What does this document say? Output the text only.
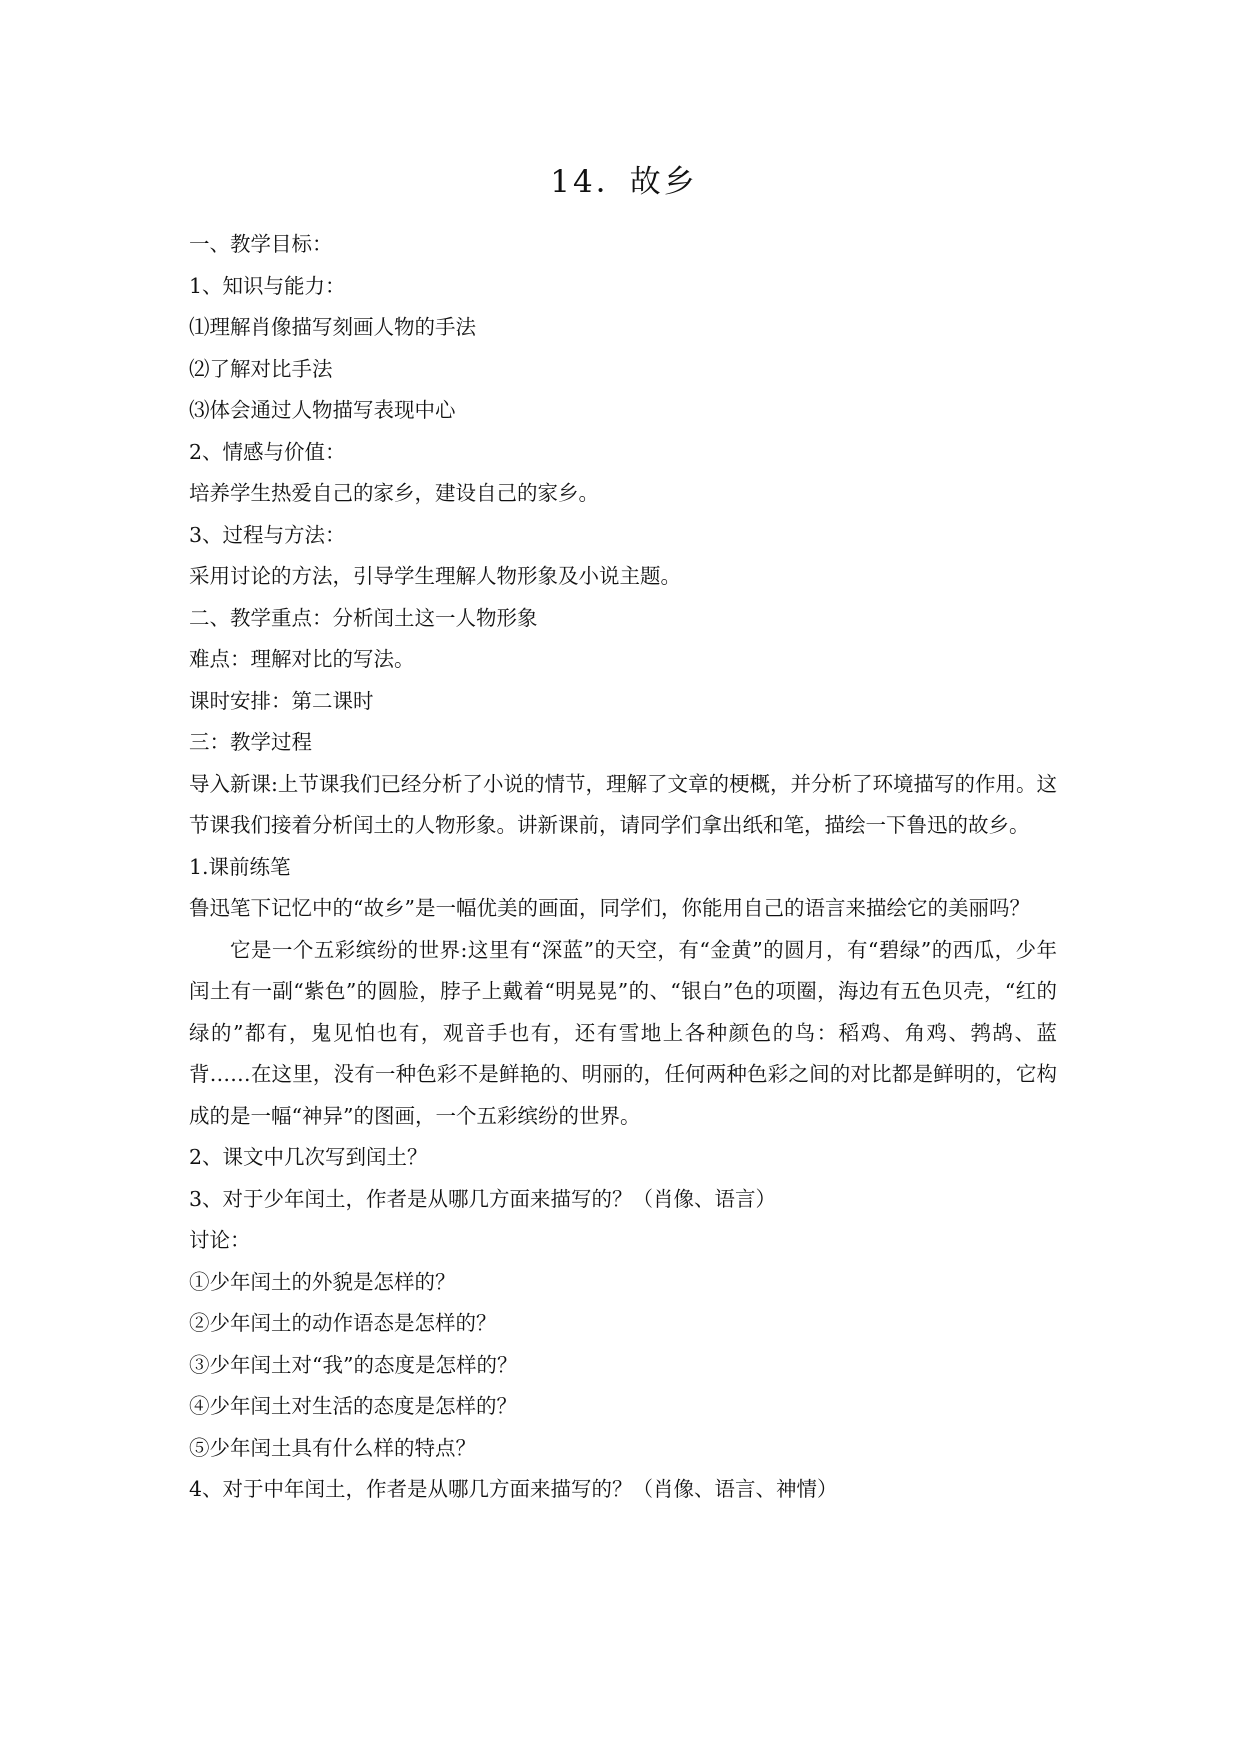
14．故乡

一、教学目标：

1、知识与能力：

⑴理解肖像描写刻画人物的手法

⑵了解对比手法

⑶体会通过人物描写表现中心

2、情感与价值：

培养学生热爱自己的家乡，建设自己的家乡。

3、过程与方法：

采用讨论的方法，引导学生理解人物形象及小说主题。

二、教学重点：分析闰土这一人物形象

难点：理解对比的写法。

课时安排：第二课时

三：教学过程

导入新课:上节课我们已经分析了小说的情节，理解了文章的梗概，并分析了环境描写的作用。这节课我们接着分析闰土的人物形象。讲新课前，请同学们拿出纸和笔，描绘一下鲁迅的故乡。

1.课前练笔

鲁迅笔下记忆中的“故乡”是一幅优美的画面，同学们，你能用自己的语言来描绘它的美丽吗？

它是一个五彩缤纷的世界:这里有“深蓝”的天空，有“金黄”的圆月，有“碧绿”的西瓜，少年闰土有一副“紫色”的圆脸，脖子上戴着“明晃晃”的、“银白”色的项圈，海边有五色贝壳，“红的绿的”都有，鬼见怕也有，观音手也有，还有雪地上各种颜色的鸟：稻鸡、角鸡、鹁鸪、蓝背……在这里，没有一种色彩不是鲜艳的、明丽的，任何两种色彩之间的对比都是鲜明的，它构成的是一幅“神异”的图画，一个五彩缤纷的世界。

2、课文中几次写到闰土？

3、对于少年闰土，作者是从哪几方面来描写的？（肖像、语言）

讨论：

①少年闰土的外貌是怎样的？

②少年闰土的动作语态是怎样的？

③少年闰土对“我”的态度是怎样的？

④少年闰土对生活的态度是怎样的？

⑤少年闰土具有什么样的特点？

4、对于中年闰土，作者是从哪几方面来描写的？（肖像、语言、神情）
